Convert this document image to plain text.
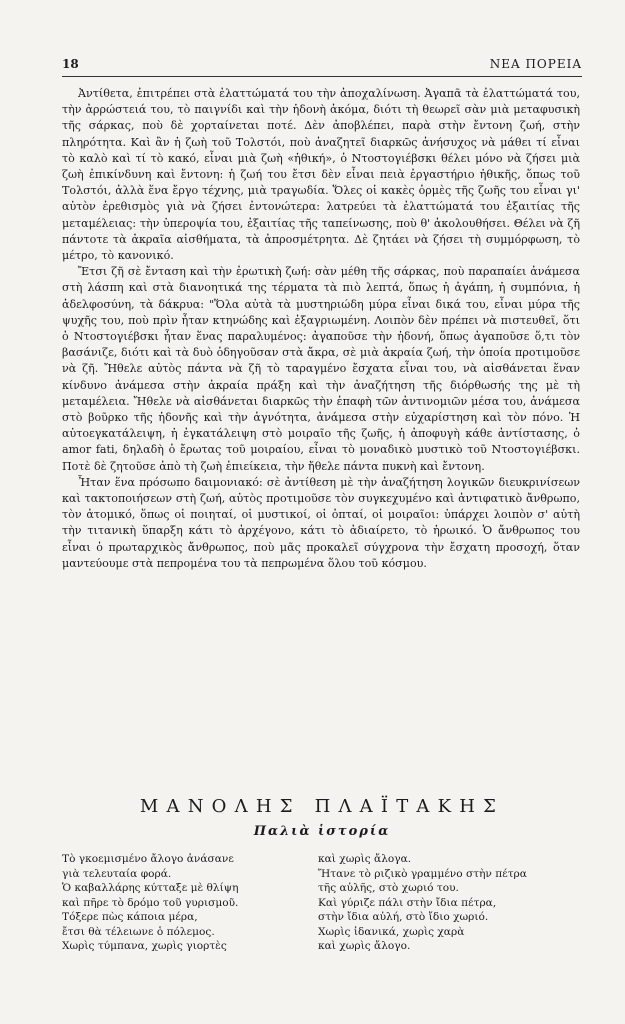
18	ΝΕΑ ΠΟΡΕΙΑ

Ἀντίθετα, ἐπιτρέπει στὰ ἐλαττώματά του τὴν ἀποχαλίνωση. Ἀγαπᾶ τὰ ἐλαττώματά του, τὴν ἀρρώστειά του, τὸ παιγνίδι καὶ τὴν ἡδονὴ ἀκόμα, διότι τὴ θεωρεῖ σὰν μιὰ μεταφυσικὴ τῆς σάρκας, ποὺ δὲ χορταίνεται ποτέ. Δὲν ἀποβλέπει, παρὰ στὴν ἔντονη ζωή, στὴν πληρότητα. Καὶ ἂν ἡ ζωὴ τοῦ Τολστόι, ποὺ ἀναζητεῖ διαρκῶς ἀνήσυχος νὰ μάθει τί εἶναι τὸ καλὸ καὶ τί τὸ κακό, εἶναι μιὰ ζωὴ «ἠθική», ὁ Ντοστογιέβσκι θέλει μόνο νὰ ζήσει μιὰ ζωὴ ἐπικίνδυνη καὶ ἔντονη: ἡ ζωή του ἔτσι δὲν εἶναι πειὰ ἐργαστήριο ἠθικῆς, ὅπως τοῦ Τολστόι, ἀλλὰ ἕνα ἔργο τέχνης, μιὰ τραγωδία. Ὅλες οἱ κακὲς ὁρμὲς τῆς ζωῆς του εἶναι γι' αὐτὸν ἐρεθισμὸς γιὰ νὰ ζήσει ἐντονώτερα: λατρεύει τὰ ἐλαττώματά του ἐξαιτίας τῆς μεταμέλειας: τὴν ὑπεροψία του, ἐξαιτίας τῆς ταπείνωσης, ποὺ θ' ἀκολουθήσει. Θέλει νὰ ζῆ πάντοτε τὰ ἀκραῖα αἰσθήματα, τὰ ἀπροσμέτρητα. Δὲ ζητάει νὰ ζήσει τὴ συμμόρφωση, τὸ μέτρο, τὸ κανονικό.

Ἔτσι ζῆ σὲ ἔνταση καὶ τὴν ἐρωτικὴ ζωή: σὰν μέθη τῆς σάρκας, ποὺ παραπαίει ἀνάμεσα στὴ λάσπη καὶ στὰ διανοητικά της τέρματα τὰ πιὸ λεπτά, ὅπως ἡ ἀγάπη, ἡ συμπόνια, ἡ ἀδελφοσύνη, τὰ δάκρυα: "Ὅλα αὐτὰ τὰ μυστηριώδη μύρα εἶναι δικά του, εἶναι μύρα τῆς ψυχῆς του, ποὺ πρὶν ἦταν κτηνώδης καὶ ἐξαγριωμένη. Λοιπὸν δὲν πρέπει νὰ πιστευθεῖ, ὅτι ὁ Ντοστογιέβσκι ἦταν ἕνας παραλυμένος: ἀγαποῦσε τὴν ἡδονή, ὅπως ἀγαποῦσε ὅ,τι τὸν βασάνιζε, διότι καὶ τὰ δυὸ ὁδηγοῦσαν στὰ ἄκρα, σὲ μιὰ ἀκραία ζωή, τὴν ὁποία προτιμοῦσε νὰ ζῆ. Ἤθελε αὐτὸς πάντα νὰ ζῆ τὸ ταραγμένο ἔσχατα εἶναι του, νὰ αἰσθάνεται ἕναν κίνδυνο ἀνάμεσα στὴν ἀκραία πράξη καὶ τὴν ἀναζήτηση τῆς διόρθωσής της μὲ τὴ μεταμέλεια. Ἤθελε νὰ αἰσθάνεται διαρκῶς τὴν ἐπαφὴ τῶν ἀντινομιῶν μέσα του, ἀνάμεσα στὸ βοῦρκο τῆς ἡδονῆς καὶ τὴν ἁγνότητα, ἀνάμεσα στὴν εὐχαρίστηση καὶ τὸν πόνο. Ἡ αὐτοεγκατάλειψη, ἡ ἐγκατάλειψη στὸ μοιραῖο τῆς ζωῆς, ἡ ἀποφυγὴ κάθε ἀντίστασης, ὁ amor fati, δηλαδὴ ὁ ἔρωτας τοῦ μοιραίου, εἶναι τὸ μοναδικὸ μυστικὸ τοῦ Ντοστογιέβσκι. Ποτὲ δὲ ζητοῦσε ἀπὸ τὴ ζωὴ ἐπιείκεια, τὴν ἤθελε πάντα πυκνὴ καὶ ἔντονη.

Ἦταν ἕνα πρόσωπο δαιμονιακό: σὲ ἀντίθεση μὲ τὴν ἀναζήτηση λογικῶν διευκρινίσεων καὶ τακτοποιήσεων στὴ ζωή, αὐτὸς προτιμοῦσε τὸν συγκεχυμένο καὶ ἀντιφατικὸ ἄνθρωπο, τὸν ἀτομικό, ὅπως οἱ ποιηταί, οἱ μυστικοί, οἱ ὀπταί, οἱ μοιραῖοι: ὑπάρχει λοιπὸν σ' αὐτὴ τὴν τιτανικὴ ὕπαρξη κάτι τὸ ἀρχέγονο, κάτι τὸ ἀδιαίρετο, τὸ ἡρωικό. Ὁ ἄνθρωπος του εἶναι ὁ πρωταρχικὸς ἄνθρωπος, ποὺ μᾶς προκαλεῖ σύγχρονα τὴν ἔσχατη προσοχή, ὅταν μαντεύουμε στὰ πεπρομένα του τὰ πεπρωμένα ὅλου τοῦ κόσμου.

ΜΑΝΟΛΗΣ ΠΛΑΪΤΑΚΗΣ
Παλιὰ ἱστορία
Τὸ γκοεμισμένο ἄλογο ἀνάσανε
γιὰ τελευταία φορά.
Ὁ καβαλλάρης κύτταξε μὲ θλίψη
καὶ πῆρε τὸ δρόμο τοῦ γυρισμοῦ.
Τόξερε πὼς κάποια μέρα,
ἔτσι θὰ τέλειωνε ὁ πόλεμος.
Χωρὶς τύμπανα, χωρὶς γιορτὲς
καὶ χωρὶς ἄλογα.
Ἤτανε τὸ ριζικὸ γραμμένο στὴν πέτρα
τῆς αὐλῆς, στὸ χωριό του.
Καὶ γύριζε πάλι στὴν ἴδια πέτρα,
στὴν ἴδια αὐλή, στὸ ἴδιο χωριό.
Χωρὶς ἰδανικά, χωρὶς χαρὰ
καὶ χωρὶς ἄλογο.
